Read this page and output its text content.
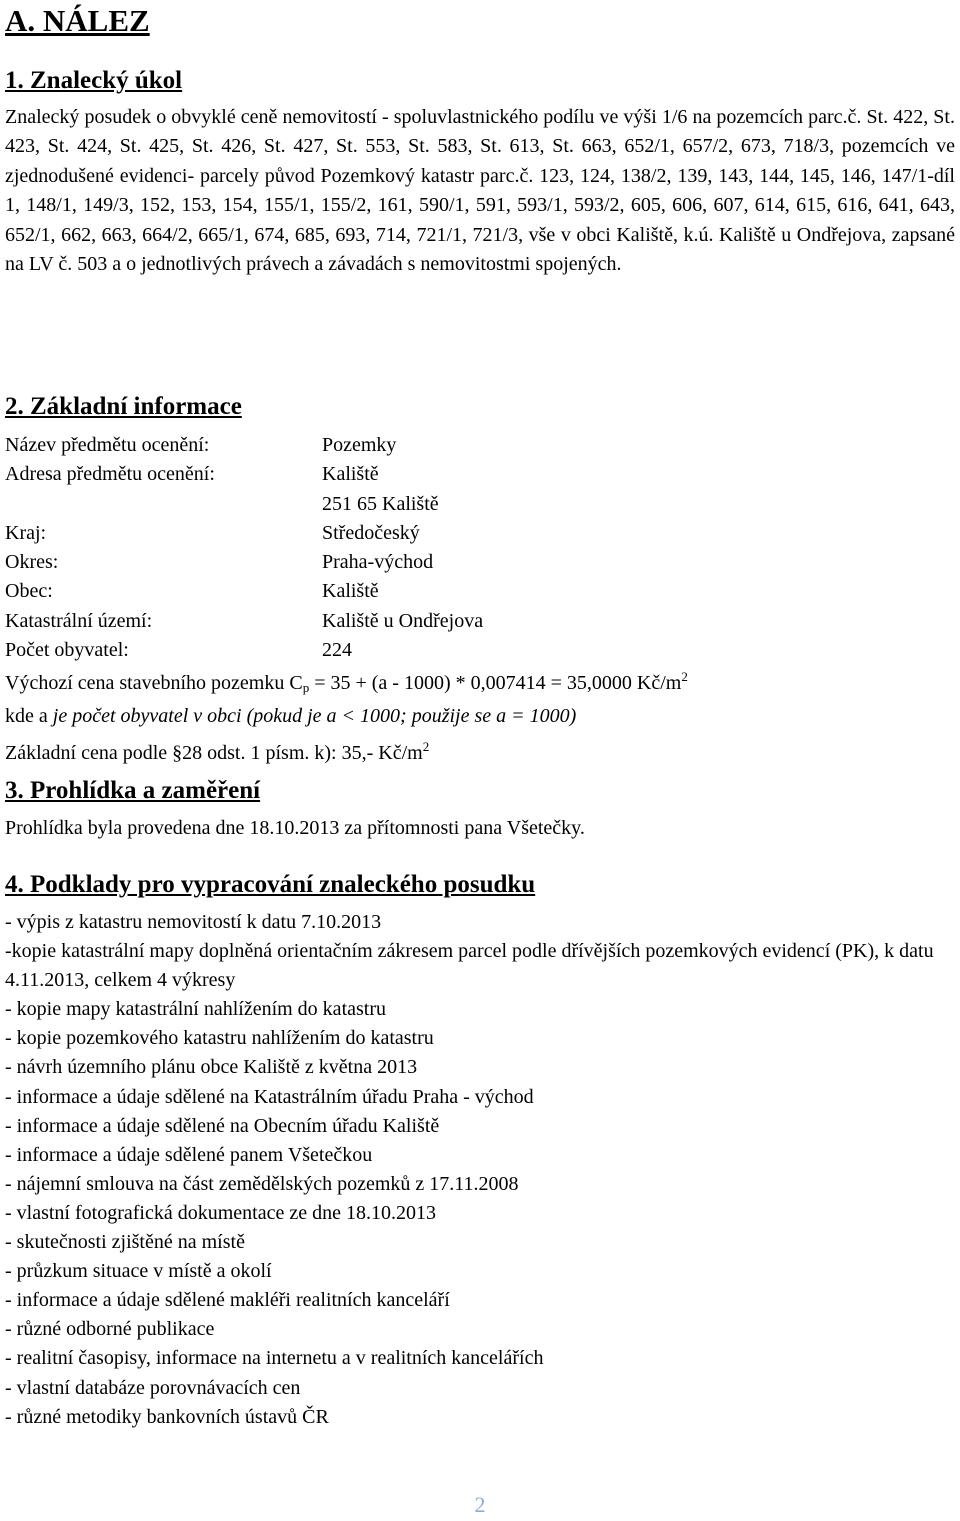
A. NÁLEZ
1. Znalecký úkol

Znalecký posudek o obvyklé ceně nemovitostí - spoluvlastnického podílu ve výši 1/6 na pozemcích parc.č. St. 422, St. 423, St. 424, St. 425, St. 426, St. 427, St. 553, St. 583, St. 613, St. 663, 652/1, 657/2, 673, 718/3, pozemcích ve zjednodušené evidenci- parcely původ Pozemkový katastr parc.č. 123, 124, 138/2, 139, 143, 144, 145, 146, 147/1-díl 1, 148/1, 149/3, 152, 153, 154, 155/1, 155/2, 161, 590/1, 591, 593/1, 593/2, 605, 606, 607, 614, 615, 616, 641, 643, 652/1, 662, 663, 664/2, 665/1, 674, 685, 693, 714, 721/1, 721/3, vše v obci Kaliště, k.ú. Kaliště u Ondřejova, zapsané na LV č. 503 a o jednotlivých právech a závadách s nemovitostmi spojených.

2. Základní informace
Název předmětu ocenění:	Pozemky
Adresa předmětu ocenění:	Kaliště
251 65 Kaliště
Kraj:	Středočeský
Okres:	Praha-východ
Obec:	Kaliště
Katastrální území:	Kaliště u Ondřejova
Počet obyvatel:	224
Výchozí cena stavebního pozemku $C_p = 35 + (a - 1000) * 0,007414 = 35,0000$ $Kč/m^2$
kde a je počet obyvatel v obci (pokud je a < 1000; použije se a = 1000)
Základní cena podle §28 odst. 1 písm. k): 35,- $Kč/m^2$
3. Prohlídka a zaměření

Prohlídka byla provedena dne 18.10.2013 za přítomnosti pana Všetečky.

4. Podklady pro vypracování znaleckého posudku
- výpis z katastru nemovitostí k datu 7.10.2013
-kopie katastrální mapy doplněná orientačním zákresem parcel podle dřívějších pozemkových evidencí (PK), k datu 4.11.2013, celkem 4 výkresy
- kopie mapy katastrální nahlížením do katastru
- kopie pozemkového katastru nahlížením do katastru
- návrh územního plánu obce Kaliště z května 2013
- informace a údaje sdělené na Katastrálním úřadu Praha - východ
- informace a údaje sdělené na Obecním úřadu Kaliště
- informace a údaje sdělené panem Všetečkou
- nájemní smlouva na část zemědělských pozemků z 17.11.2008
- vlastní fotografická dokumentace ze dne 18.10.2013
- skutečnosti zjištěné na místě
- průzkum situace v místě a okolí
- informace a údaje sdělené makléři realitních kanceláří
- různé odborné publikace
- realitní časopisy, informace na internetu a v realitních kancelářích
- vlastní databáze porovnávacích cen
- různé metodiky bankovních ústavů ČR
2
